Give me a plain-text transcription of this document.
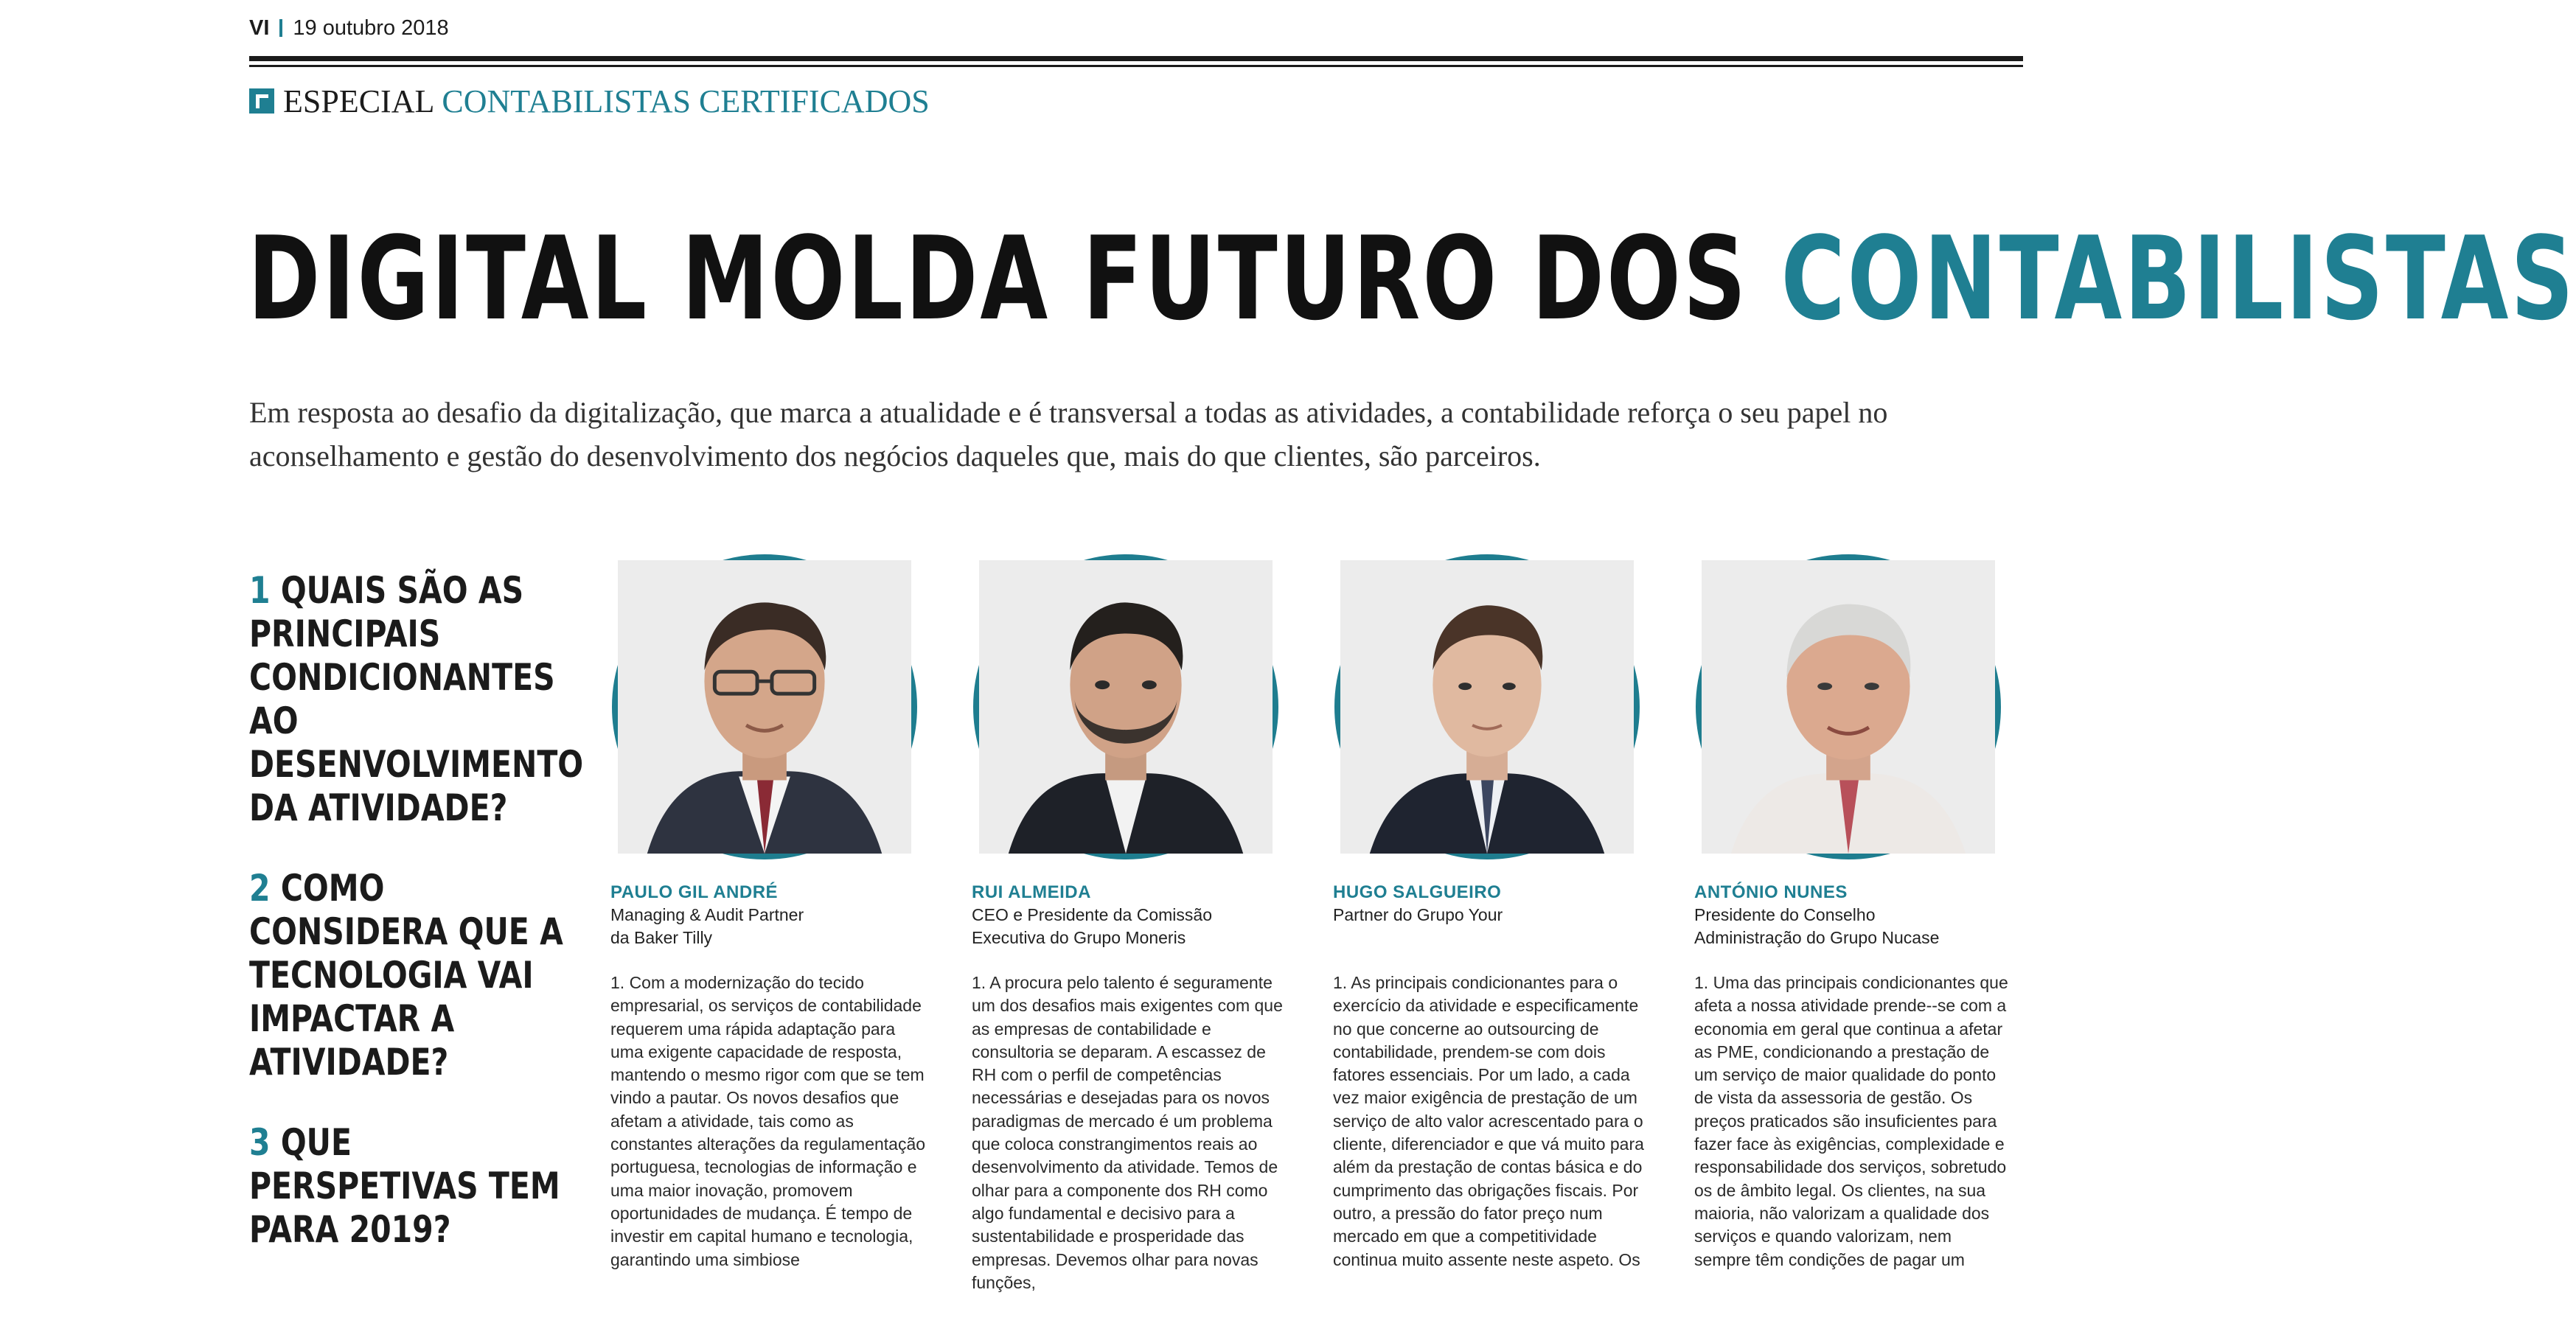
VI 19 outubro 2018
ESPECIAL CONTABILISTAS CERTIFICADOS
DIGITAL MOLDA FUTURO DOS CONTABILISTAS

Em resposta ao desafio da digitalização, que marca a atualidade e é transversal a todas as atividades, a contabilidade reforça o seu papel no aconselhamento e gestão do desenvolvimento dos negócios daqueles que, mais do que clientes, são parceiros.

1 QUAIS SÃO AS PRINCIPAIS CONDICIONANTES AO DESENVOLVIMENTO DA ATIVIDADE?
2 COMO CONSIDERA QUE A TECNOLOGIA VAI IMPACTAR A ATIVIDADE?
3 QUE PERSPETIVAS TEM PARA 2019?
PAULO GIL ANDRÉ
Managing & Audit Partner
da Baker Tilly
1. Com a modernização do tecido empresarial, os serviços de contabilidade requerem uma rápida adaptação para uma exigente capacidade de resposta, mantendo o mesmo rigor com que se tem vindo a pautar. Os novos desafios que afetam a atividade, tais como as constantes alterações da regulamentação portuguesa, tecnologias de informação e uma maior inovação, promovem oportunidades de mudança. É tempo de investir em capital humano e tecnologia, garantindo uma simbiose
RUI ALMEIDA
CEO e Presidente da Comissão
Executiva do Grupo Moneris
1. A procura pelo talento é seguramente um dos desafios mais exigentes com que as empresas de contabilidade e consultoria se deparam. A escassez de RH com o perfil de competências necessárias e desejadas para os novos paradigmas de mercado é um problema que coloca constrangimentos reais ao desenvolvimento da atividade. Temos de olhar para a componente dos RH como algo fundamental e decisivo para a sustentabilidade e prosperidade das empresas. Devemos olhar para novas funções,
HUGO SALGUEIRO
Partner do Grupo Your
1. As principais condicionantes para o exercício da atividade e especificamente no que concerne ao outsourcing de contabilidade, prendem-se com dois fatores essenciais. Por um lado, a cada vez maior exigência de prestação de um serviço de alto valor acrescentado para o cliente, diferenciador e que vá muito para além da prestação de contas básica e do cumprimento das obrigações fiscais. Por outro, a pressão do fator preço num mercado em que a competitividade continua muito assente neste aspeto. Os
ANTÓNIO NUNES
Presidente do Conselho
Administração do Grupo Nucase
1. Uma das principais condicionantes que afeta a nossa atividade prende--se com a economia em geral que continua a afetar as PME, condicionando a prestação de um serviço de maior qualidade do ponto de vista da assessoria de gestão. Os preços praticados são insuficientes para fazer face às exigências, complexidade e responsabilidade dos serviços, sobretudo os de âmbito legal. Os clientes, na sua maioria, não valorizam a qualidade dos serviços e quando valorizam, nem sempre têm condições de pagar um
